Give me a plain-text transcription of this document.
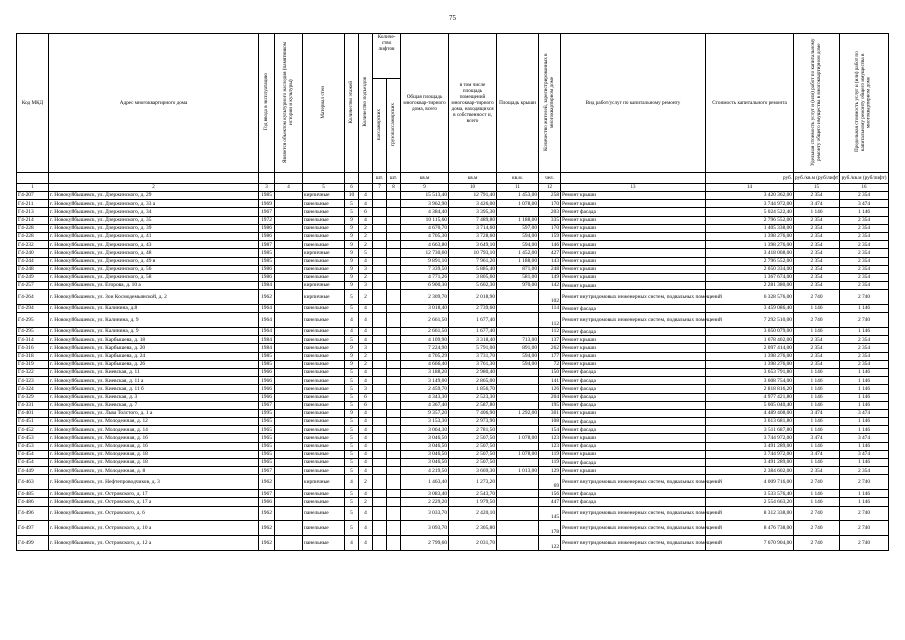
75
Код МКД	Адрес многоквартирного дома	Год ввода в эксплуатацию	Является объектом культурного наследия (памятником истории и культуры)	Материал стен	Количество этажей	Количество подъездов	Количе-ство лифтов		Общая площадь многоквар-тирного дома, всего	в том числе площадь помещений многоквар-тирного дома, находящихся в собственност и, всего	Площадь крыши	Количество жителей, зарегистрированных в многоквартирном доме	Вид работ/услуг по капитальному ремонту	Стоимость капитального ремонта	Удельная стоимость услуг и (или) работ по капитальному ремонту общего имущества в многоквартирном доме	Предельная стоимость услуг и (или) работ по капитальному ремонту общего имущества в многоквартирном доме
							пассажирских	грузопассажирских								
							шт.	шт.	кв.м	кв.м	кв.м.	чел.		руб.	руб./кв.м (руб/лифт)	руб./кв.м (руб/лифт)
1	2	3	4	5	6		7	8	9	10	11	12	13	14	15	16
Г4-207	г. Новокуйбышевск, ул. Дзержинского, д. 29	1985		кирпичные	10	4			15 513,40	12 791,40	1 453,00	258	Ремонт крыши	3 420 362,00	2 354	2 354
Г4-211	г. Новокуйбышевск, ул. Дзержинского, д. 33 а	1969		панельные	5	4			3 962,90	3 426,00	1 078,00	170	Ремонт крыши	3 744 972,00	3 474	3 474
Г4-213	г. Новокуйбышевск, ул. Дзержинского, д. 34	1967		панельные	5	6			4 384,40	3 395,30		203	Ремонт фасада	5 024 522,40	1 146	1 146
Г4-214	г. Новокуйбышевск, ул. Дзержинского, д. 35	1972		панельные	9	4			10 115,60	7 489,80	1 188,00	335	Ремонт крыши	2 796 552,00	2 354	2 354
Г4-228	г. Новокуйбышевск, ул. Дзержинского, д. 39	1986		панельные	9	2			4 670,70	3 714,60	597,00	170	Ремонт крыши	1 405 338,00	2 354	2 354
Г4-228	г. Новокуйбышевск, ул. Дзержинского, д. 41	1986		панельные	9	2			4 705,30	3 728,60	594,00	159	Ремонт крыши	1 398 276,00	2 354	2 354
Г4-232	г. Новокуйбышевск, ул. Дзержинского, д. 43	1987		панельные	9	2			4 663,80	3 649,10	594,00	146	Ремонт крыши	1 398 276,00	2 354	2 354
Г4-240	г. Новокуйбышевск, ул. Дзержинского, д. 48	1985		кирпичные	9	5			12 730,60	10 793,10	1 452,00	427	Ремонт крыши	3 418 008,00	2 354	2 354
Г4-244	г. Новокуйбышевск, ул. Дзержинского, д. 49 в	1985		панельные	9	4			9 891,10	7 961,20	1 188,00	143	Ремонт крыши	2 796 552,00	2 354	2 354
Г4-248	г. Новокуйбышевск, ул. Дзержинского, д. 56	1986		панельные	9	3			7 339,50	5 885,40	871,00	248	Ремонт крыши	2 050 334,00	2 354	2 354
Г4-249	г. Новокуйбышевск, ул. Дзержинского, д. 58	1986		панельные	9	2			4 771,26	3 805,60	581,00	149	Ремонт крыши	1 367 674,00	2 354	2 354
Г4-257	г. Новокуйбышевск, ул. Егорова, д. 10 а	1984		кирпичные	9	3			6 900,30	5 602,30	970,00	142	Ремонт крыши	2 281 380,00	2 354	2 354
Г4-264	г. Новокуйбышевск, ул. Зои Космодемьянской, д. 2	1962		кирпичные	5	2			2 309,70	2 018,90		102	Ремонт внутридомовых инженерных систем, подвальных помещений	6 328 576,00	2 740	2 740
Г4-294	г. Новокуйбышевск, ул. Калинина, д.8	1964		панельные	5	4			3 018,40	2 739,60		114	Ремонт фасада	3 459 086,40	1 146	1 146
Г4-295	г. Новокуйбышевск, ул. Калинина, д. 9	1964		панельные	4	4			2 661,50	1 677,40		112	Ремонт внутридомовых инженерных систем, подвальных помещений	7 292 510,00	2 740	2 740
Г4-295	г. Новокуйбышевск, ул. Калинина, д. 9	1964		панельные	4	4			2 661,50	1 677,40		112	Ремонт фасада	3 050 079,00	1 146	1 146
Г4-314	г. Новокуйбышевск, ул. Карбышева, д. 18	1984		панельные	5	4			4 109,90	3 318,40	713,00	137	Ремонт крыши	1 678 402,00	2 354	2 354
Г4-316	г. Новокуйбышевск, ул. Карбышева, д. 20	1984		панельные	9	3			7 224,90	5 791,00	891,00	262	Ремонт крыши	2 097 414,00	2 354	2 354
Г4-318	г. Новокуйбышевск, ул. Карбышева, д. 24	1985		панельные	9	2			4 705,29	3 731,70	594,00	177	Ремонт крыши	1 398 276,00	2 354	2 354
Г4-319	г. Новокуйбышевск, ул. Карбышева, д. 26	1985		панельные	9	2			4 666,40	3 761,30	594,00	72	Ремонт крыши	1 398 276,00	2 354	2 354
Г4-322	г. Новокуйбышевск, ул. Киевская, д. 11	1966		панельные	5	4			3 188,20	2 980,40		150	Ремонт фасада	3 653 791,80	1 146	1 146
Г4-323	г. Новокуйбышевск, ул. Киевская, д. 11 а	1966		панельные	5	4			3 149,00	2 865,00		141	Ремонт фасада	3 608 754,00	1 146	1 146
Г4-324	г. Новокуйбышевск, ул. Киевская, д. 11 б	1966		панельные	5	3			2 459,70	1 856,70		126	Ремонт фасада	2 818 816,20	1 146	1 146
Г4-329	г. Новокуйбышевск, ул. Киевская, д. 3	1966		панельные	5	6			4 343,30	2 523,30		204	Ремонт фасада	4 977 421,80	1 146	1 146
Г4-331	г. Новокуйбышевск, ул. Киевская, д. 7	1967		панельные	5	6			4 367,40	2 587,80		195	Ремонт фасада	5 005 040,40	1 146	1 146
Г4-401	г. Новокуйбышевск, ул. Льва Толстого, д. 1 а	1995		панельные	9	4			9 357,20	7 406,90	1 292,00	301	Ремонт крыши	4 489 408,00	3 474	3 474
Г4-451	г. Новокуйбышевск, ул. Молодежная, д. 12	1965		панельные	5	4			3 153,30	2 973,90		108	Ремонт фасада	3 613 681,80	1 146	1 146
Г4-452	г. Новокуйбышевск, ул. Молодежная, д. 14	1965		панельные	5	4			3 064,30	2 781,50		154	Ремонт фасада	3 511 687,80	1 146	1 146
Г4-453	г. Новокуйбышевск, ул. Молодежная, д. 16	1965		панельные	5	4			3 046,50	2 507,50	1 078,00	123	Ремонт крыши	3 744 972,00	3 474	3 474
Г4-453	г. Новокуйбышевск, ул. Молодежная, д. 16	1965		панельные	5	4			3 046,50	2 507,50		123	Ремонт фасада	3 491 289,00	1 146	1 146
Г4-454	г. Новокуйбышевск, ул. Молодежная, д. 18	1965		панельные	5	4			3 046,50	2 507,50	1 078,00	119	Ремонт крыши	3 744 972,00	3 474	3 474
Г4-454	г. Новокуйбышевск, ул. Молодежная, д. 18	1965		панельные	5	4			3 046,50	2 507,50		119	Ремонт фасада	3 491 289,00	1 146	1 146
Г4-449	г. Новокуйбышевск, ул. Молодежная, д. 8	1967		панельные	5	4			4 219,50	3 669,30	1 013,00	129	Ремонт крыши	2 384 602,00	2 354	2 354
Г4-463	г. Новокуйбышевск, ул. Нефтепроводчиков, д. 3	1962		кирпичные	4	2			1 463,40	1 273,20		69	Ремонт внутридомовых инженерных систем, подвальных помещений	4 009 716,00	2 740	2 740
Г4-485	г. Новокуйбышевск, ул. Островского, д. 17	1967		панельные	5	4			3 083,40	2 543,70		156	Ремонт фасада	3 533 576,40	1 146	1 146
Г4-486	г. Новокуйбышевск, ул. Островского, д. 17 а	1966		панельные	5	2			2 229,20	1 979,50		447	Ремонт фасада	2 554 663,20	1 146	1 146
Г4-496	г. Новокуйбышевск, ул. Островского, д. 6	1962		панельные	5	4			3 033,70	2 420,10		145	Ремонт внутридомовых инженерных систем, подвальных помещений	8 312 338,00	2 740	2 740
Г4-497	г. Новокуйбышевск, ул. Островского, д. 10 а	1962		панельные	5	4			3 093,70	2 305,80		178	Ремонт внутридомовых инженерных систем, подвальных помещений	8 476 738,00	2 740	2 740
Г4-499	г. Новокуйбышевск, ул. Островского, д. 12 а	1962		панельные	4	4			2 799,60	2 031,70		122	Ремонт внутридомовых инженерных систем, подвальных помещений	7 670 904,00	2 740	2 740
